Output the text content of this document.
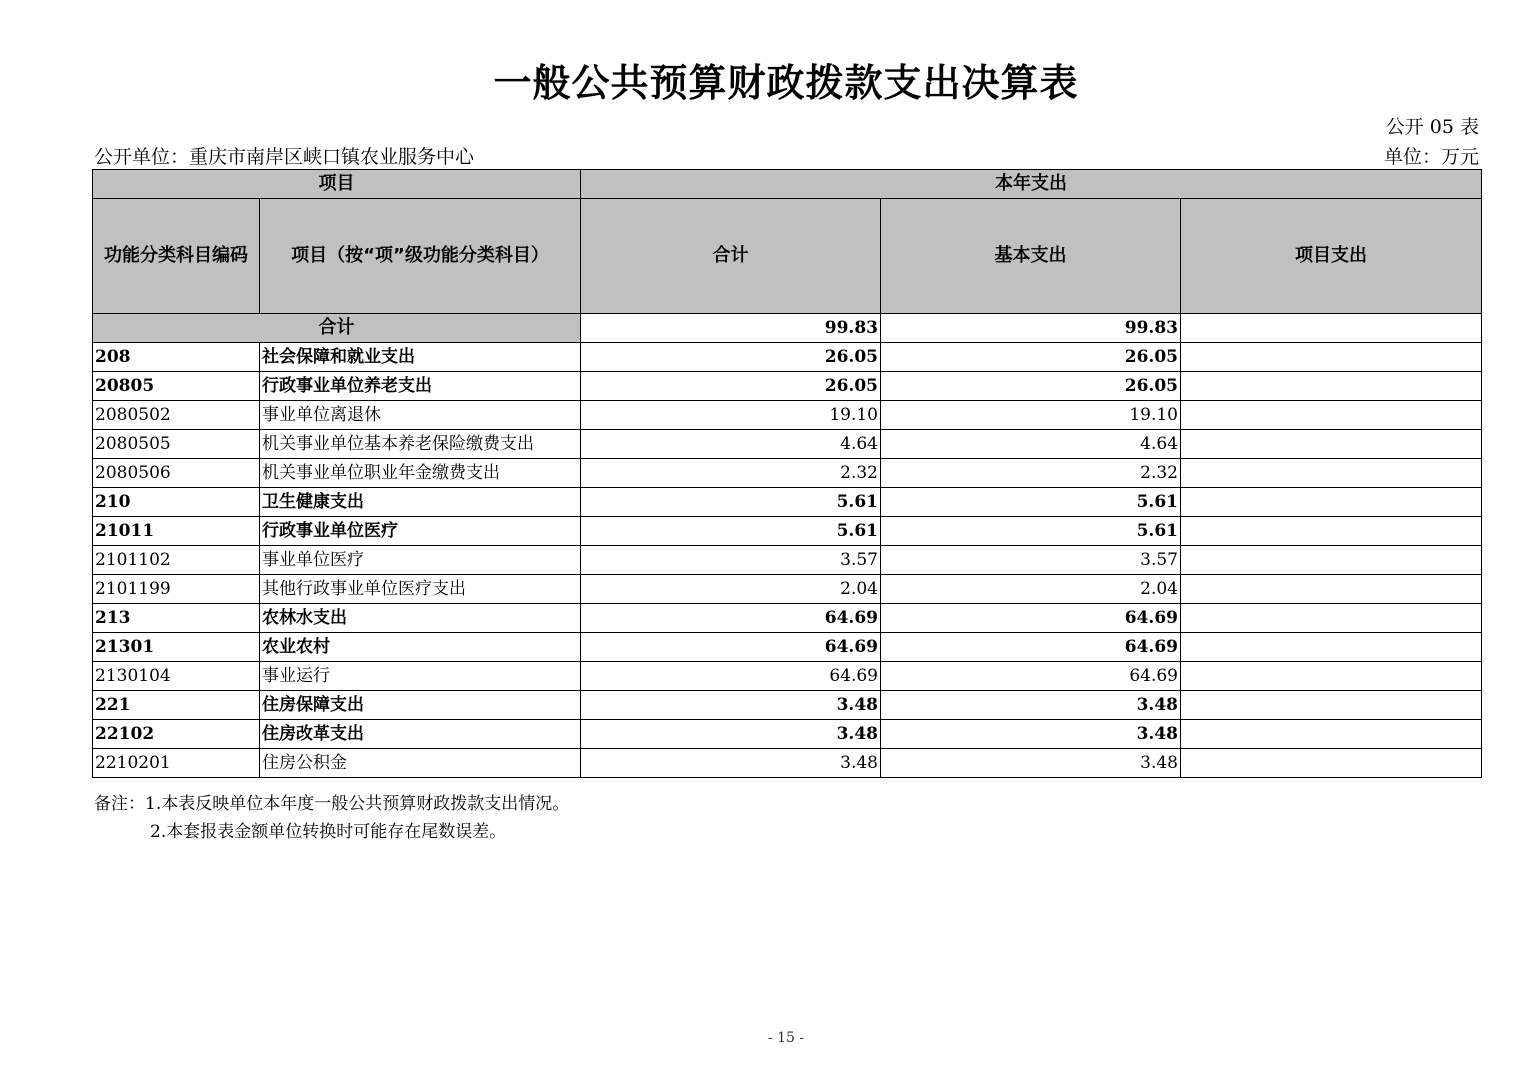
一般公共预算财政拨款支出决算表
公开 05 表
公开单位：重庆市南岸区峡口镇农业服务中心	单位：万元
项目		本年支出		
功能分类科目编码	项目（按“项”级功能分类科目）	合计	基本支出	项目支出
合计		99.83	99.83	
208	社会保障和就业支出	26.05	26.05	
20805	行政事业单位养老支出	26.05	26.05	
2080502	事业单位离退休	19.10	19.10	
2080505	机关事业单位基本养老保险缴费支出	4.64	4.64	
2080506	机关事业单位职业年金缴费支出	2.32	2.32	
210	卫生健康支出	5.61	5.61	
21011	行政事业单位医疗	5.61	5.61	
2101102	事业单位医疗	3.57	3.57	
2101199	其他行政事业单位医疗支出	2.04	2.04	
213	农林水支出	64.69	64.69	
21301	农业农村	64.69	64.69	
2130104	事业运行	64.69	64.69	
221	住房保障支出	3.48	3.48	
22102	住房改革支出	3.48	3.48	
2210201	住房公积金	3.48	3.48	
备注：1.本表反映单位本年度一般公共预算财政拨款支出情况。
2.本套报表金额单位转换时可能存在尾数误差。
- 15 -
